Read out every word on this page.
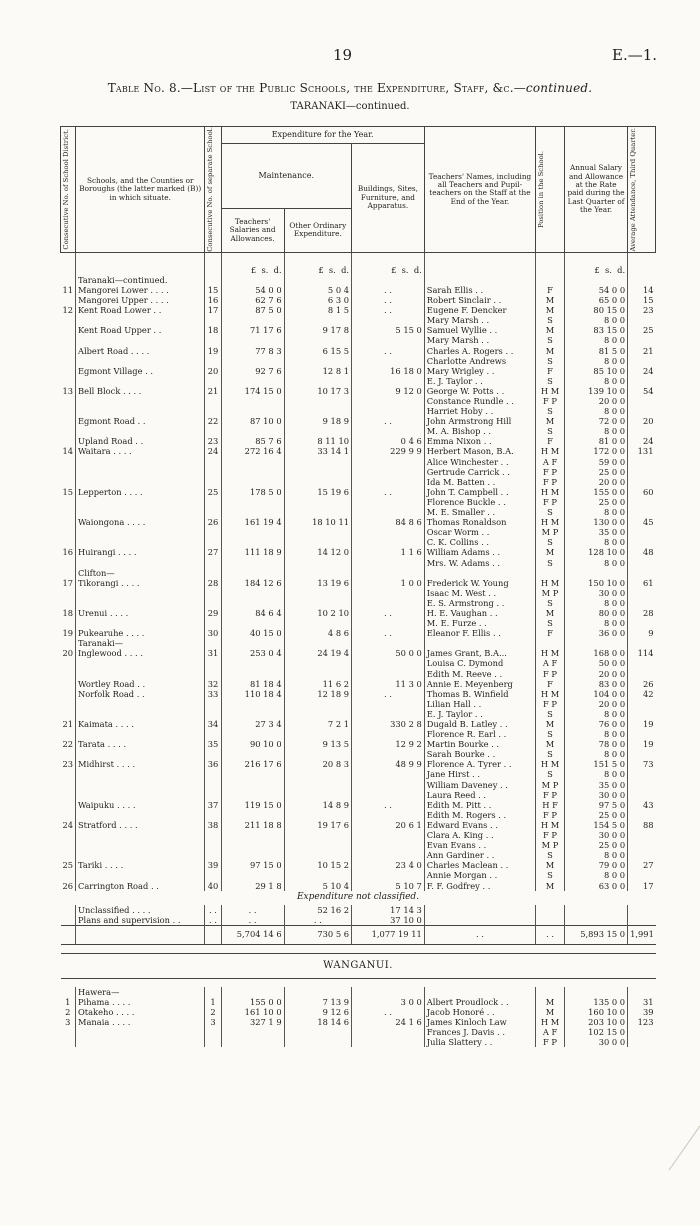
19	E.—1.
Table No. 8.—List of the Public Schools, the Expenditure, Staff, &c.—continued.
TARANAKI—continued.
Consecutive No. of School District.	Schools, and the Counties or Boroughs (the latter marked (B)) in which situate.	Consecutive No. of separate School.	Expenditure for the Year.			Teachers' Names, including all Teachers and Pupil-teachers on the Staff at the End of the Year.	Position in the School.	Annual Salary and Allowance at the Rate paid during the Last Quarter of the Year.	Average Attendance, Third Quarter.

			Maintenance.		Buildings, Sites, Furniture, and Apparatus.				
			Teachers' Salaries and Allowances.	Other Ordinary Expenditure.					

			£ s. d.	£ s. d.	£ s. d.			£ s. d.	
	Taranaki—continued.								
11	Mangorei Lower . . . .	15	54 0 0	5 0 4	. .	Sarah Ellis . .	F	54 0 0	14
	Mangorei Upper . . . .	16	62 7 6	6 3 0	. .	Robert Sinclair . .	M	65 0 0	15
12	Kent Road Lower . .	17	87 5 0	8 1 5	. .	Eugene F. Dencker	M	80 15 0	23
						Mary Marsh . .	S	8 0 0	
	Kent Road Upper . .	18	71 17 6	9 17 8	5 15 0	Samuel Wyllie . .	M	83 15 0	25
						Mary Marsh . .	S	8 0 0	
	Albert Road . . . .	19	77 8 3	6 15 5	. .	Charles A. Rogers . .	M	81 5 0	21
						Charlotte Andrews	S	8 0 0	
	Egmont Village . .	20	92 7 6	12 8 1	16 18 0	Mary Wrigley . .	F	85 10 0	24
						E. J. Taylor . .	S	8 0 0	
13	Bell Block . . . .	21	174 15 0	10 17 3	9 12 0	George W. Potts . .	H M	139 10 0	54
						Constance Rundle . .	F P	20 0 0	
						Harriet Hoby . .	S	8 0 0	
	Egmont Road . .	22	87 10 0	9 18 9	. .	John Armstrong Hill	M	72 0 0	20
						M. A. Bishop . .	S	8 0 0	
	Upland Road . .	23	85 7 6	8 11 10	0 4 6	Emma Nixon . .	F	81 0 0	24
14	Waitara . . . .	24	272 16 4	33 14 1	229 9 9	Herbert Mason, B.A.	H M	172 0 0	131
						Alice Winchester . .	A F	59 0 0	
						Gertrude Carrick . .	F P	25 0 0	
						Ida M. Batten . .	F P	20 0 0	
15	Lepperton . . . .	25	178 5 0	15 19 6	. .	John T. Campbell . .	H M	155 0 0	60
						Florence Buckle . .	F P	25 0 0	
						M. E. Smaller . .	S	8 0 0	
	Waiongona . . . .	26	161 19 4	18 10 11	84 8 6	Thomas Ronaldson	H M	130 0 0	45
						Oscar Worm . .	M P	35 0 0	
						C. K. Collins . .	S	8 0 0	
16	Huirangi . . . .	27	111 18 9	14 12 0	1 1 6	William Adams . .	M	128 10 0	48
						Mrs. W. Adams . .	S	8 0 0	
	Clifton—								
17	Tikorangi . . . .	28	184 12 6	13 19 6	1 0 0	Frederick W. Young	H M	150 10 0	61
						Isaac M. West . .	M P	30 0 0	
						E. S. Armstrong . .	S	8 0 0	
18	Urenui . . . .	29	84 6 4	10 2 10	. .	H. E. Vaughan . .	M	80 0 0	28
						M. E. Furze . .	S	8 0 0	
19	Pukearuhe . . . .	30	40 15 0	4 8 6	. .	Eleanor F. Ellis . .	F	36 0 0	9
	Taranaki—								
20	Inglewood . . . .	31	253 0 4	24 19 4	50 0 0	James Grant, B.A...	H M	168 0 0	114
						Louisa C. Dymond	A F	50 0 0	
						Edith M. Reeve . .	F P	20 0 0	
	Wortley Road . .	32	81 18 4	11 6 2	11 3 0	Annie E. Meyenberg	F	83 0 0	26
	Norfolk Road . .	33	110 18 4	12 18 9	. .	Thomas B. Winfield	H M	104 0 0	42
						Lilian Hall . .	F P	20 0 0	
						E. J. Taylor . .	S	8 0 0	
21	Kaimata . . . .	34	27 3 4	7 2 1	330 2 8	Dugald B. Latley . .	M	76 0 0	19
						Florence R. Earl . .	S	8 0 0	
22	Tarata . . . .	35	90 10 0	9 13 5	12 9 2	Martin Bourke . .	M	78 0 0	19
						Sarah Bourke . .	S	8 0 0	
23	Midhirst . . . .	36	216 17 6	20 8 3	48 9 9	Florence A. Tyrer . .	H M	151 5 0	73
						Jane Hirst . .	S	8 0 0	
						William Daveney . .	M P	35 0 0	
						Laura Reed . .	F P	30 0 0	
	Waipuku . . . .	37	119 15 0	14 8 9	. .	Edith M. Pitt . .	H F	97 5 0	43
						Edith M. Rogers . .	F P	25 0 0	
24	Stratford . . . .	38	211 18 8	19 17 6	20 6 1	Edward Evans . .	H M	154 5 0	88
						Clara A. King . .	F P	30 0 0	
						Evan Evans . .	M P	25 0 0	
						Ann Gardiner . .	S	8 0 0	
25	Tariki . . . .	39	97 15 0	10 15 2	23 4 0	Charles Maclean . .	M	79 0 0	27
						Annie Morgan . .	S	8 0 0	
26	Carrington Road . .	40	29 1 8	5 10 4	5 10 7	F. F. Godfrey . .	M	63 0 0	17
Expenditure not classified.									
	Unclassified . . . .	. .	. .	52 16 2	17 14 3				
	Plans and supervision . .	. .	. .	. .	37 10 0				
			5,704 14 6	730 5 6	1,077 19 11	. .	. .	5,893 15 0	1,991

WANGANUI.									

	Hawera—								
1	Pihama . . . .	1	155 0 0	7 13 9	3 0 0	Albert Proudlock . .	M	135 0 0	31
2	Otakeho . . . .	2	161 10 0	9 12 6	. .	Jacob Honoré . .	M	160 10 0	39
3	Manaia . . . .	3	327 1 9	18 14 6	24 1 6	James Kinloch Law	H M	203 10 0	123
						Frances J. Davis . .	A F	102 15 0	
						Julia Slattery . .	F P	30 0 0	
